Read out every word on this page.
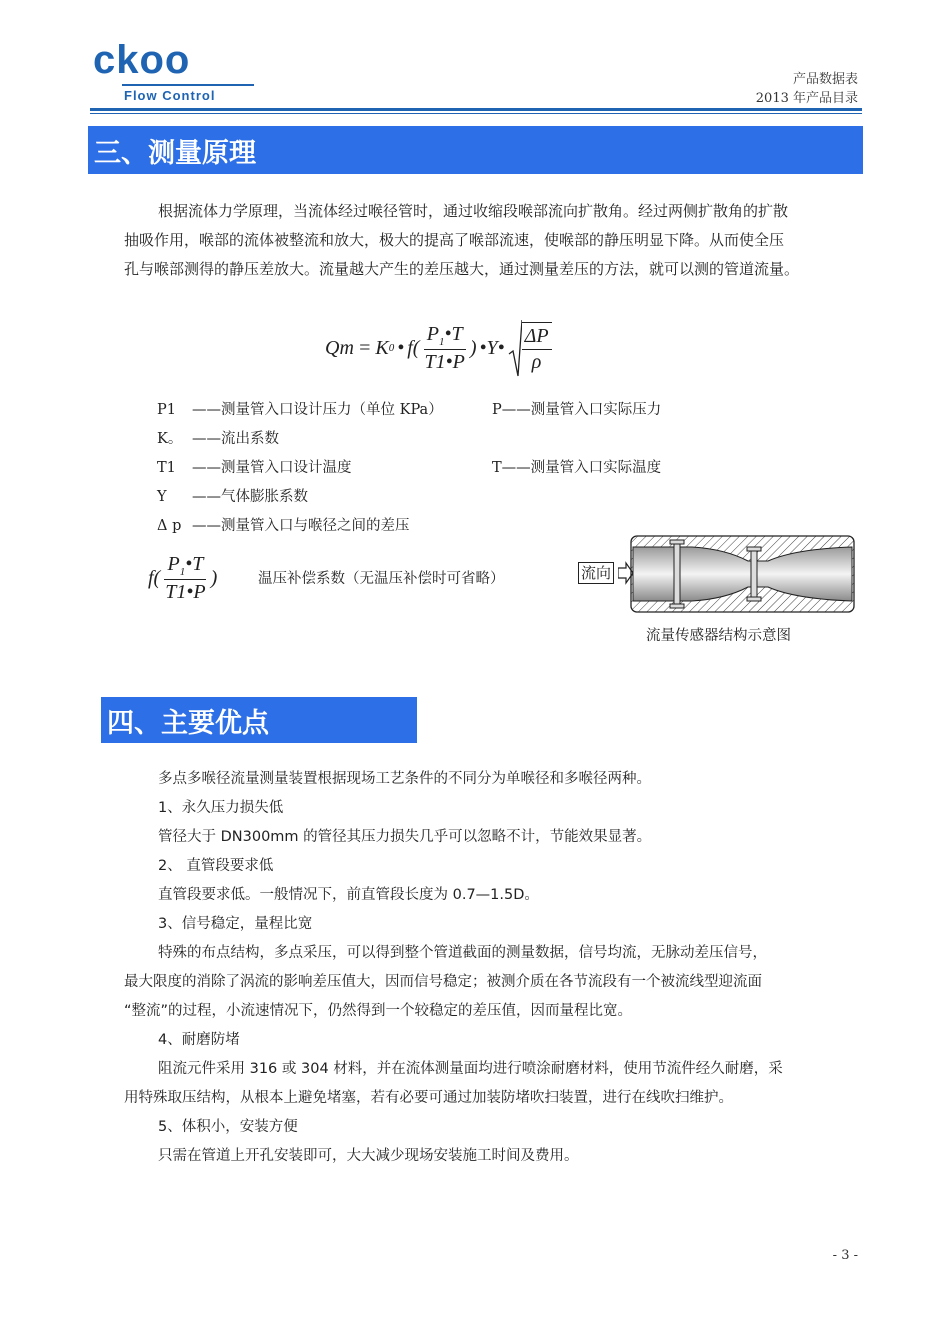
ckoo
Flow Control
产品数据表
2013 年产品目录
三、测量原理
根据流体力学原理，当流体经过喉径管时，通过收缩段喉部流向扩散角。经过两侧扩散角的扩散
抽吸作用，喉部的流体被整流和放大，极大的提高了喉部流速，使喉部的静压明显下降。从而使全压
孔与喉部测得的静压差放大。流量越大产生的差压越大，通过测量差压的方法，就可以测的管道流量。
Qm = K 0 • $f( \frac{P_1•T}{T1•P}$ ) •Y• $\frac{\Delta P}{\rho}$
P1 ——测量管入口设计压力（单位 KPa）	P——测量管入口实际压力
K。 ——流出系数
T1 ——测量管入口设计温度	T——测量管入口实际温度
Y ——气体膨胀系数
Δ p ——测量管入口与喉径之间的差压
$f( \frac{P_1•T}{T1•P}$ )	温压补偿系数（无温压补偿时可省略）	流向
流量传感器结构示意图
四、主要优点
多点多喉径流量测量装置根据现场工艺条件的不同分为单喉径和多喉径两种。
1、永久压力损失低
管径大于 DN300mm 的管径其压力损失几乎可以忽略不计，节能效果显著。
2、 直管段要求低
直管段要求低。一般情况下，前直管段长度为 0.7—1.5D。
3、信号稳定，量程比宽
特殊的布点结构，多点采压，可以得到整个管道截面的测量数据，信号均流，无脉动差压信号，
最大限度的消除了涡流的影响差压值大，因而信号稳定；被测介质在各节流段有一个被流线型迎流面
“整流”的过程，小流速情况下，仍然得到一个较稳定的差压值，因而量程比宽。
4、耐磨防堵
阻流元件采用 316 或 304 材料，并在流体测量面均进行喷涂耐磨材料，使用节流件经久耐磨，采
用特殊取压结构，从根本上避免堵塞，若有必要可通过加装防堵吹扫装置，进行在线吹扫维护。
5、体积小，安装方便
只需在管道上开孔安装即可，大大减少现场安装施工时间及费用。
- 3 -
